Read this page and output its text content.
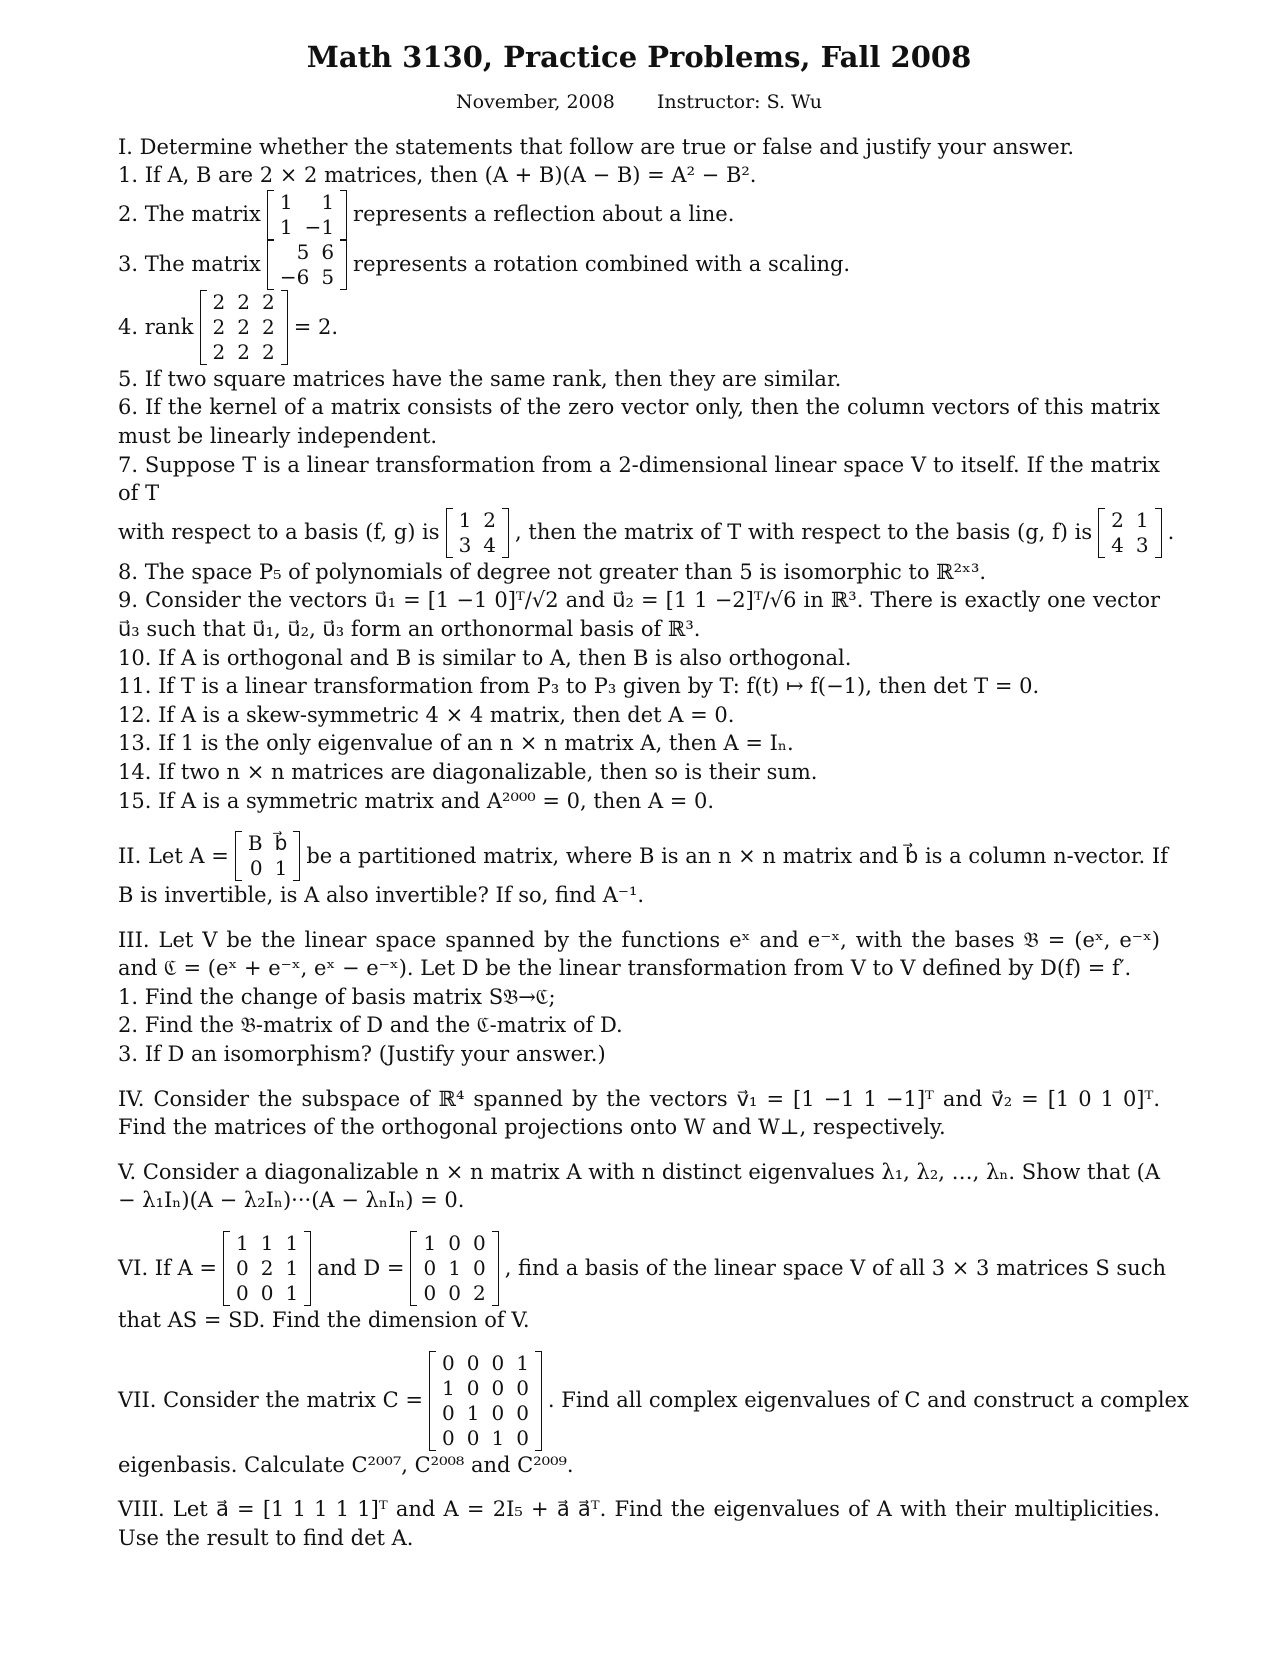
Math 3130, Practice Problems, Fall 2008
November, 2008 Instructor: S. Wu
I. Determine whether the statements that follow are true or false and justify your answer.
1. If A, B are 2 × 2 matrices, then (A + B)(A − B) = A² − B².
2. The matrix
1	1
1	−1
represents a reflection about a line.
3. The matrix
5	6
−6	5
represents a rotation combined with a scaling.
4. rank
2	2	2
2	2	2
2	2	2
= 2.
5. If two square matrices have the same rank, then they are similar.
6. If the kernel of a matrix consists of the zero vector only, then the column vectors of this matrix must be linearly independent.
7. Suppose T is a linear transformation from a 2-dimensional linear space V to itself. If the matrix of T
with respect to a basis (f, g) is
1	2
3	4
, then the matrix of T with respect to the basis (g, f) is
2	1
4	3
.
8. The space P₅ of polynomials of degree not greater than 5 is isomorphic to ℝ²ˣ³.
9. Consider the vectors u⃗₁ = [1 −1 0]ᵀ/√2 and u⃗₂ = [1 1 −2]ᵀ/√6 in ℝ³. There is exactly one vector u⃗₃ such that u⃗₁, u⃗₂, u⃗₃ form an orthonormal basis of ℝ³.
10. If A is orthogonal and B is similar to A, then B is also orthogonal.
11. If T is a linear transformation from P₃ to P₃ given by T: f(t) ↦ f(−1), then det T = 0.
12. If A is a skew-symmetric 4 × 4 matrix, then det A = 0.
13. If 1 is the only eigenvalue of an n × n matrix A, then A = Iₙ.
14. If two n × n matrices are diagonalizable, then so is their sum.
15. If A is a symmetric matrix and A²⁰⁰⁰ = 0, then A = 0.
II. Let A =
B	b⃗
0	1
be a partitioned matrix, where B is an n × n matrix and b⃗ is a column n-vector. If
B is invertible, is A also invertible? If so, find A⁻¹.
III. Let V be the linear space spanned by the functions eˣ and e⁻ˣ, with the bases 𝔅 = (eˣ, e⁻ˣ) and ℭ = (eˣ + e⁻ˣ, eˣ − e⁻ˣ). Let D be the linear transformation from V to V defined by D(f) = f′.
1. Find the change of basis matrix S𝔅→ℭ;
2. Find the 𝔅-matrix of D and the ℭ-matrix of D.
3. If D an isomorphism? (Justify your answer.)
IV. Consider the subspace of ℝ⁴ spanned by the vectors v⃗₁ = [1 −1 1 −1]ᵀ and v⃗₂ = [1 0 1 0]ᵀ. Find the matrices of the orthogonal projections onto W and W⊥, respectively.
V. Consider a diagonalizable n × n matrix A with n distinct eigenvalues λ₁, λ₂, …, λₙ. Show that (A − λ₁Iₙ)(A − λ₂Iₙ)···(A − λₙIₙ) = 0.
VI. If A =
1	1	1
0	2	1
0	0	1
and D =
1	0	0
0	1	0
0	0	2
, find a basis of the linear space V of all 3 × 3 matrices S such
that AS = SD. Find the dimension of V.
VII. Consider the matrix C =
0	0	0	1
1	0	0	0
0	1	0	0
0	0	1	0
. Find all complex eigenvalues of C and construct a complex
eigenbasis. Calculate C²⁰⁰⁷, C²⁰⁰⁸ and C²⁰⁰⁹.
VIII. Let a⃗ = [1 1 1 1 1]ᵀ and A = 2I₅ + a⃗ a⃗ᵀ. Find the eigenvalues of A with their multiplicities. Use the result to find det A.
